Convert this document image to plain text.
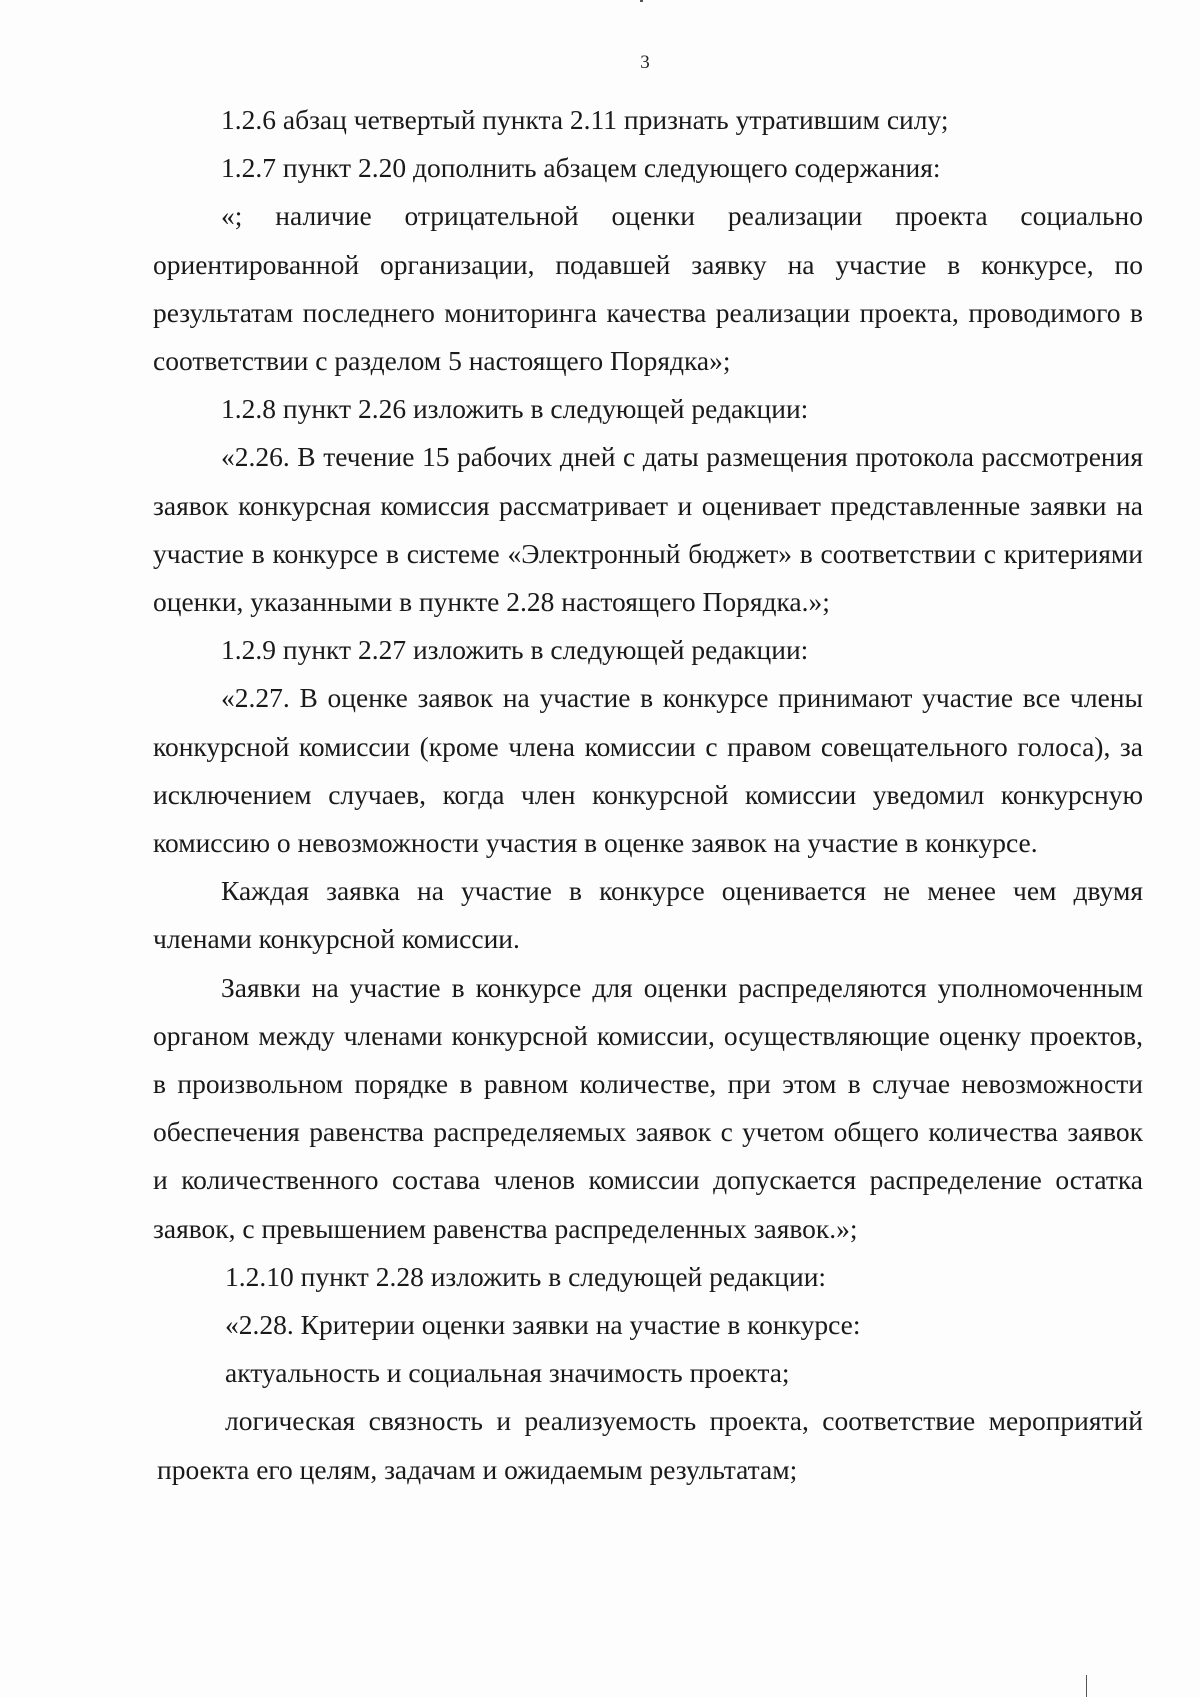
3

1.2.6 абзац четвертый пункта 2.11 признать утратившим силу;

1.2.7 пункт 2.20 дополнить абзацем следующего содержания:

«; наличие отрицательной оценки реализации проекта социально ориентированной организации, подавшей заявку на участие в конкурсе, по результатам последнего мониторинга качества реализации проекта, проводимого в соответствии с разделом 5 настоящего Порядка»;

1.2.8 пункт 2.26 изложить в следующей редакции:

«2.26. В течение 15 рабочих дней с даты размещения протокола рассмотрения заявок конкурсная комиссия рассматривает и оценивает представленные заявки на участие в конкурсе в системе «Электронный бюджет» в соответствии с критериями оценки, указанными в пункте 2.28 настоящего Порядка.»;

1.2.9 пункт 2.27 изложить в следующей редакции:

«2.27. В оценке заявок на участие в конкурсе принимают участие все члены конкурсной комиссии (кроме члена комиссии с правом совещательного голоса), за исключением случаев, когда член конкурсной комиссии уведомил конкурсную комиссию о невозможности участия в оценке заявок на участие в конкурсе.

Каждая заявка на участие в конкурсе оценивается не менее чем двумя членами конкурсной комиссии.

Заявки на участие в конкурсе для оценки распределяются уполномоченным органом между членами конкурсной комиссии, осуществляющие оценку проектов, в произвольном порядке в равном количестве, при этом в случае невозможности обеспечения равенства распределяемых заявок с учетом общего количества заявок и количественного состава членов комиссии допускается распределение остатка заявок, с превышением равенства распределенных заявок.»;

1.2.10 пункт 2.28 изложить в следующей редакции:

«2.28. Критерии оценки заявки на участие в конкурсе:

актуальность и социальная значимость проекта;

логическая связность и реализуемость проекта, соответствие мероприятий проекта его целям, задачам и ожидаемым результатам;
